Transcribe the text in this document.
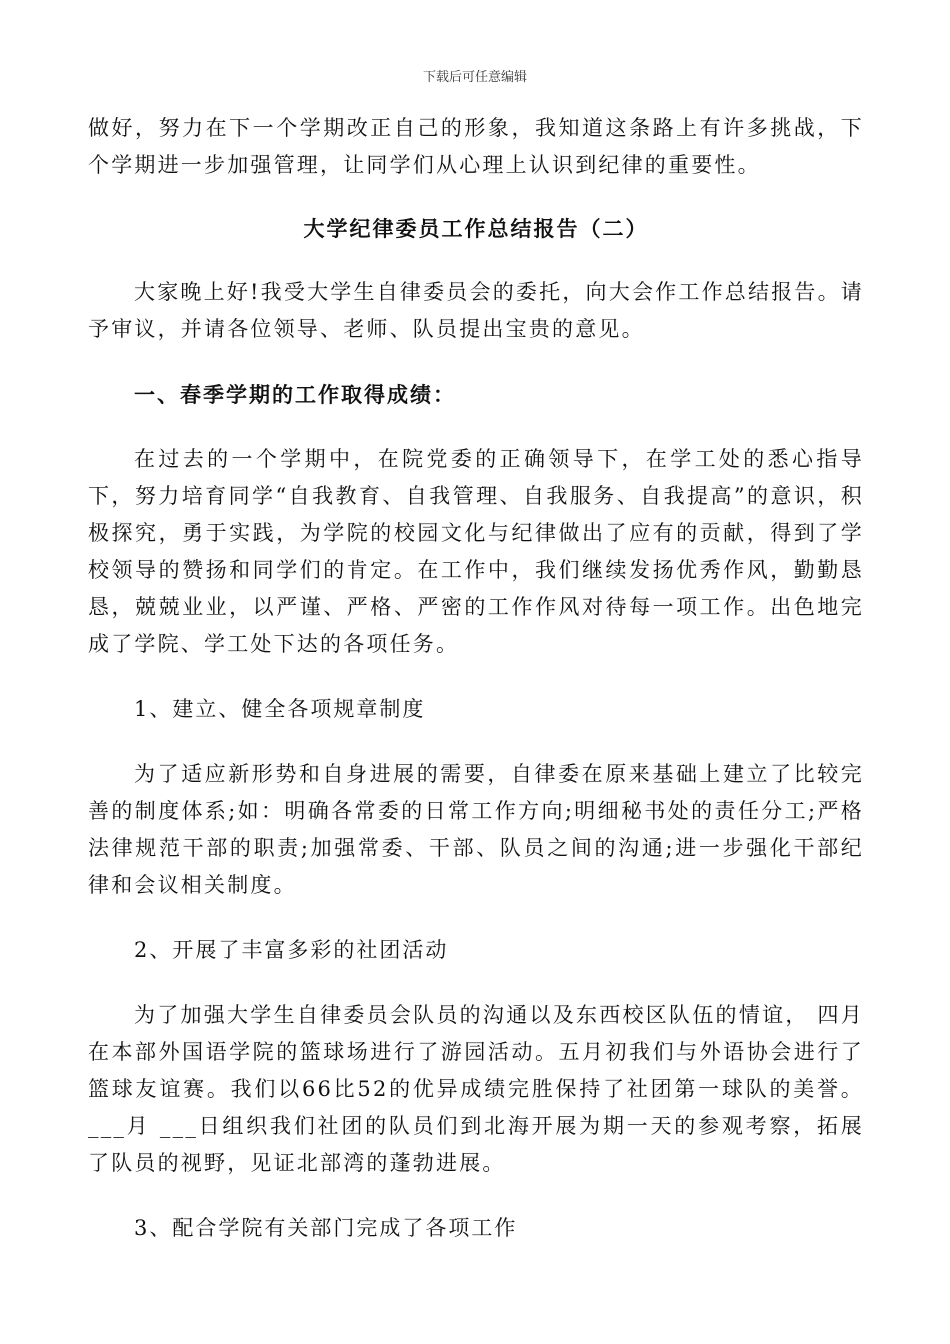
下载后可任意编辑

做好，努力在下一个学期改正自己的形象，我知道这条路上有许多挑战，下个学期进一步加强管理，让同学们从心理上认识到纪律的重要性。

大学纪律委员工作总结报告（二）

大家晚上好!我受大学生自律委员会的委托，向大会作工作总结报告。请予审议，并请各位领导、老师、队员提出宝贵的意见。

一、春季学期的工作取得成绩：

在过去的一个学期中，在院党委的正确领导下，在学工处的悉心指导下，努力培育同学“自我教育、自我管理、自我服务、自我提高”的意识，积极探究，勇于实践，为学院的校园文化与纪律做出了应有的贡献，得到了学校领导的赞扬和同学们的肯定。在工作中，我们继续发扬优秀作风，勤勤恳恳，兢兢业业，以严谨、严格、严密的工作作风对待每一项工作。出色地完成了学院、学工处下达的各项任务。

1、建立、健全各项规章制度

为了适应新形势和自身进展的需要，自律委在原来基础上建立了比较完善的制度体系;如：明确各常委的日常工作方向;明细秘书处的责任分工;严格法律规范干部的职责;加强常委、干部、队员之间的沟通;进一步强化干部纪律和会议相关制度。

2、开展了丰富多彩的社团活动

为了加强大学生自律委员会队员的沟通以及东西校区队伍的情谊， 四月在本部外国语学院的篮球场进行了游园活动。五月初我们与外语协会进行了篮球友谊赛。我们以66比52的优异成绩完胜保持了社团第一球队的美誉。___月 ___日组织我们社团的队员们到北海开展为期一天的参观考察，拓展了队员的视野，见证北部湾的蓬勃进展。

3、配合学院有关部门完成了各项工作
